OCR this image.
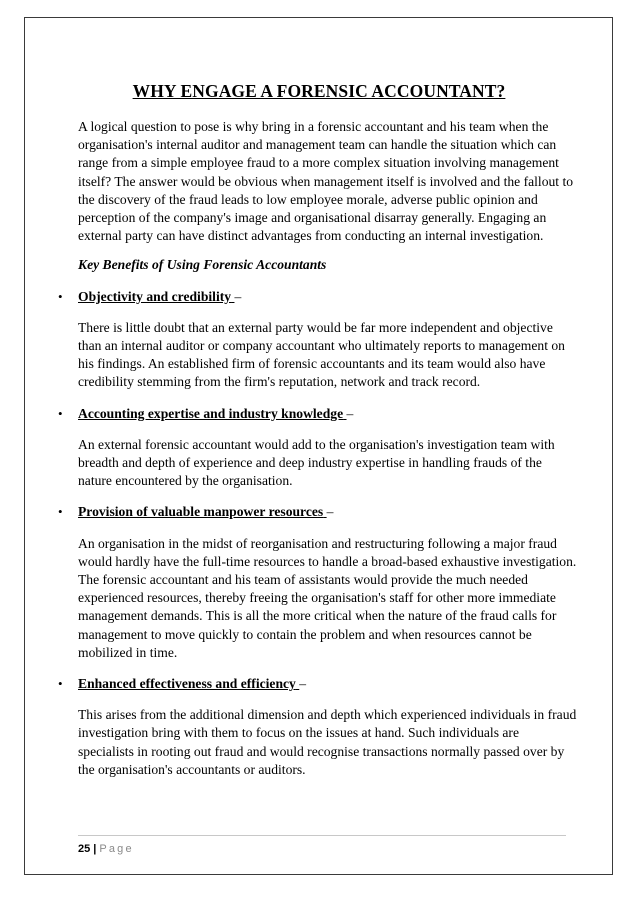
WHY ENGAGE A FORENSIC ACCOUNTANT?

A logical question to pose is why bring in a forensic accountant and his team when the organisation's internal auditor and management team can handle the situation which can range from a simple employee fraud to a more complex situation involving management itself? The answer would be obvious when management itself is involved and the fallout to the discovery of the fraud leads to low employee morale, adverse public opinion and perception of the company's image and organisational disarray generally. Engaging an external party can have distinct advantages from conducting an internal investigation.

Key Benefits of Using Forensic Accountants

• Objectivity and credibility –

There is little doubt that an external party would be far more independent and objective than an internal auditor or company accountant who ultimately reports to management on his findings. An established firm of forensic accountants and its team would also have credibility stemming from the firm's reputation, network and track record.

• Accounting expertise and industry knowledge –

An external forensic accountant would add to the organisation's investigation team with breadth and depth of experience and deep industry expertise in handling frauds of the nature encountered by the organisation.

• Provision of valuable manpower resources –

An organisation in the midst of reorganisation and restructuring following a major fraud would hardly have the full-time resources to handle a broad-based exhaustive investigation. The forensic accountant and his team of assistants would provide the much needed experienced resources, thereby freeing the organisation's staff for other more immediate management demands. This is all the more critical when the nature of the fraud calls for management to move quickly to contain the problem and when resources cannot be mobilized in time.

• Enhanced effectiveness and efficiency –

This arises from the additional dimension and depth which experienced individuals in fraud investigation bring with them to focus on the issues at hand. Such individuals are specialists in rooting out fraud and would recognise transactions normally passed over by the organisation's accountants or auditors.

25 | Page
